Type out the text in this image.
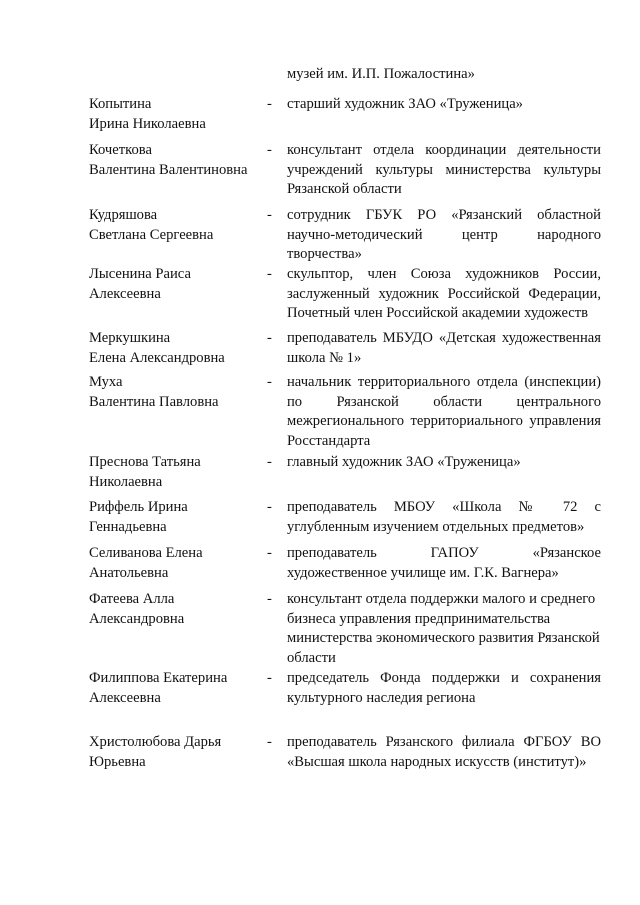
музей им. И.П. Пожалостина»
Копытина
Ирина Николаевна
-	старший художник ЗАО «Труженица»
Кочеткова
Валентина Валентиновна
-	консультант отдела координации деятельности учреждений культуры министерства культуры Рязанской области
Кудряшова
Светлана Сергеевна
-	сотрудник ГБУК РО «Рязанский областной научно-методический центр народного творчества»
Лысенина Раиса
Алексеевна
-	скульптор, член Союза художников России, заслуженный художник Российской Федерации, Почетный член Российской академии художеств
Меркушкина
Елена Александровна
-	преподаватель МБУДО «Детская художественная школа № 1»
Муха
Валентина Павловна
-	начальник территориального отдела (инспекции) по Рязанской области центрального межрегионального территориального управления Росстандарта
Преснова Татьяна
Николаевна
-	главный художник ЗАО «Труженица»
Риффель Ирина
Геннадьевна
-	преподаватель МБОУ «Школа № 72 с углубленным изучением отдельных предметов»
Селиванова Елена
Анатольевна
-	преподаватель ГАПОУ «Рязанское художественное училище им. Г.К. Вагнера»
Фатеева Алла
Александровна
-	консультант отдела поддержки малого и среднего бизнеса управления предпринимательства министерства экономического развития Рязанской области
Филиппова Екатерина
Алексеевна
-	председатель Фонда поддержки и сохранения культурного наследия региона
Христолюбова Дарья
Юрьевна
-	преподаватель Рязанского филиала ФГБОУ ВО «Высшая школа народных искусств (институт)»
